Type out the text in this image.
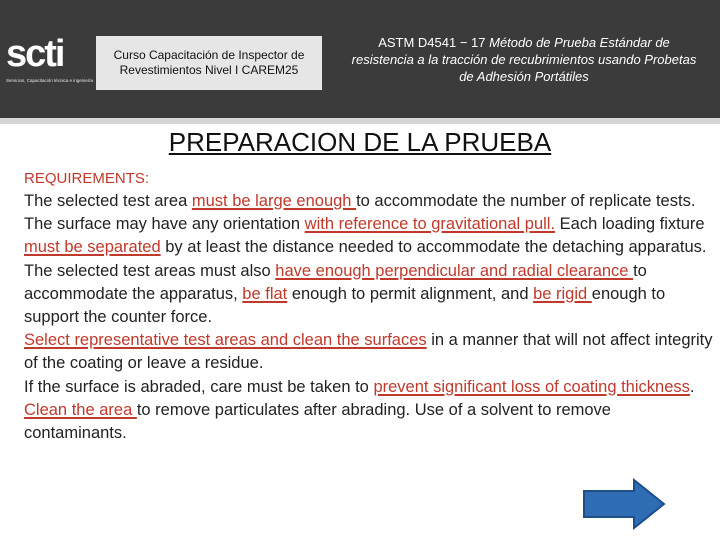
scti
Servicios, Capacitación técnica e ingeniería
Curso Capacitación de Inspector de Revestimientos Nivel I CAREM25
ASTM D4541 − 17 Método de Prueba Estándar de resistencia a la tracción de recubrimientos usando Probetas de Adhesión Portátiles
PREPARACION DE LA PRUEBA
REQUIREMENTS:

The selected test area must be large enough to accommodate the number of replicate tests.

The surface may have any orientation with reference to gravitational pull. Each loading fixture must be separated by at least the distance needed to accommodate the detaching apparatus.

The selected test areas must also have enough perpendicular and radial clearance to accommodate the apparatus, be flat enough to permit alignment, and be rigid enough to support the counter force.

Select representative test areas and clean the surfaces in a manner that will not affect integrity of the coating or leave a residue.

If the surface is abraded, care must be taken to prevent significant loss of coating thickness.

Clean the area to remove particulates after abrading. Use of a solvent to remove contaminants.
